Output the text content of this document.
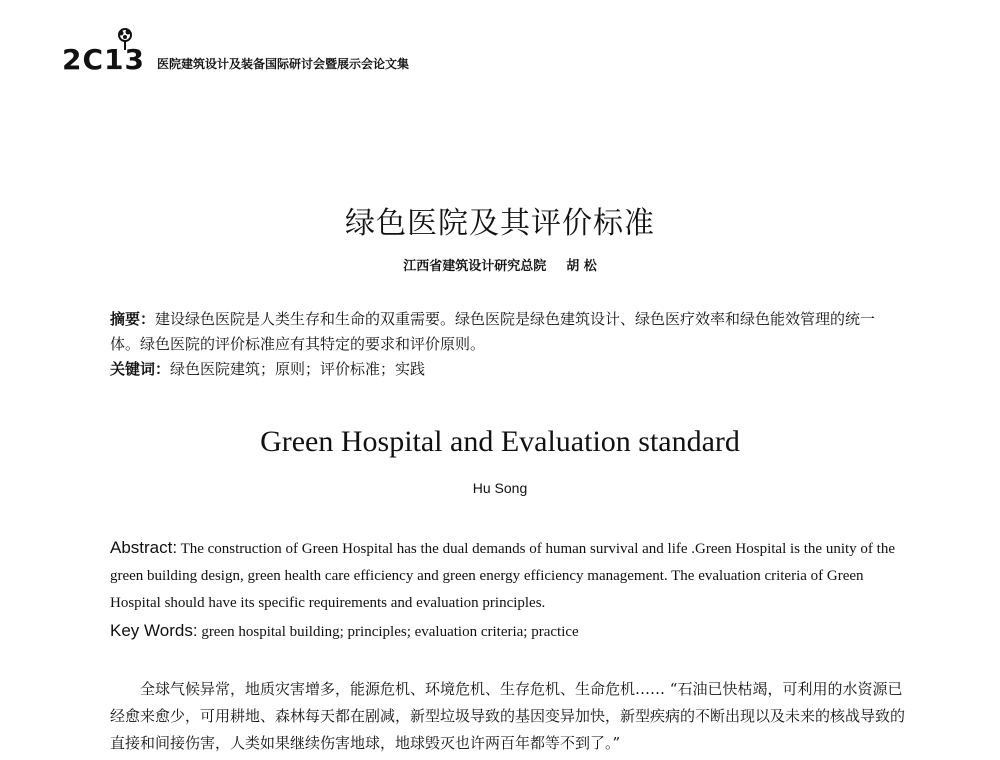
2C13 医院建筑设计及装备国际研讨会暨展示会论文集
绿色医院及其评价标准
江西省建筑设计研究总院 胡 松
摘要：建设绿色医院是人类生存和生命的双重需要。绿色医院是绿色建筑设计、绿色医疗效率和绿色能效管理的统一体。绿色医院的评价标准应有其特定的要求和评价原则。
关键词：绿色医院建筑；原则；评价标准；实践
Green Hospital and Evaluation standard
Hu Song
Abstract: The construction of Green Hospital has the dual demands of human survival and life .Green Hospital is the unity of the green building design, green health care efficiency and green energy efficiency management. The evaluation criteria of Green Hospital should have its specific requirements and evaluation principles.
Key Words: green hospital building; principles; evaluation criteria; practice
全球气候异常，地质灾害增多，能源危机、环境危机、生存危机、生命危机…… “石油已快枯竭，可利用的水资源已经愈来愈少，可用耕地、森林每天都在剧减，新型垃圾导致的基因变异加快，新型疾病的不断出现以及未来的核战导致的直接和间接伤害，人类如果继续伤害地球，地球毁灭也许两百年都等不到了。”
